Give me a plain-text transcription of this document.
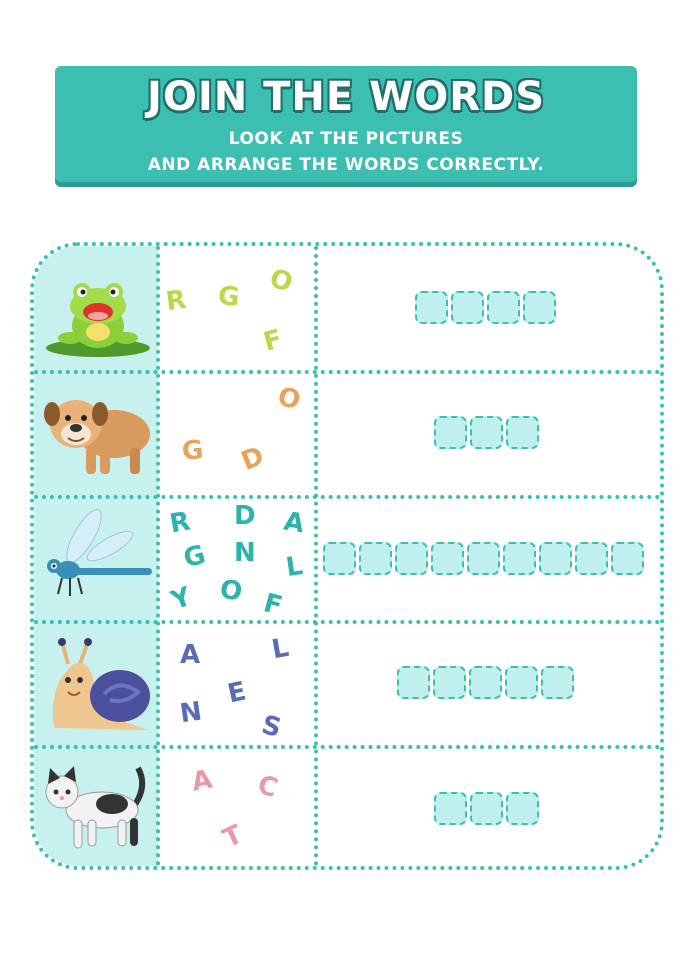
JOIN THE WORDS
LOOK AT THE PICTURES
AND ARRANGE THE WORDS CORRECTLY.
R G O
F
O
G D
R D A
G N L
Y O F
A	L
E
N S
A C
T
